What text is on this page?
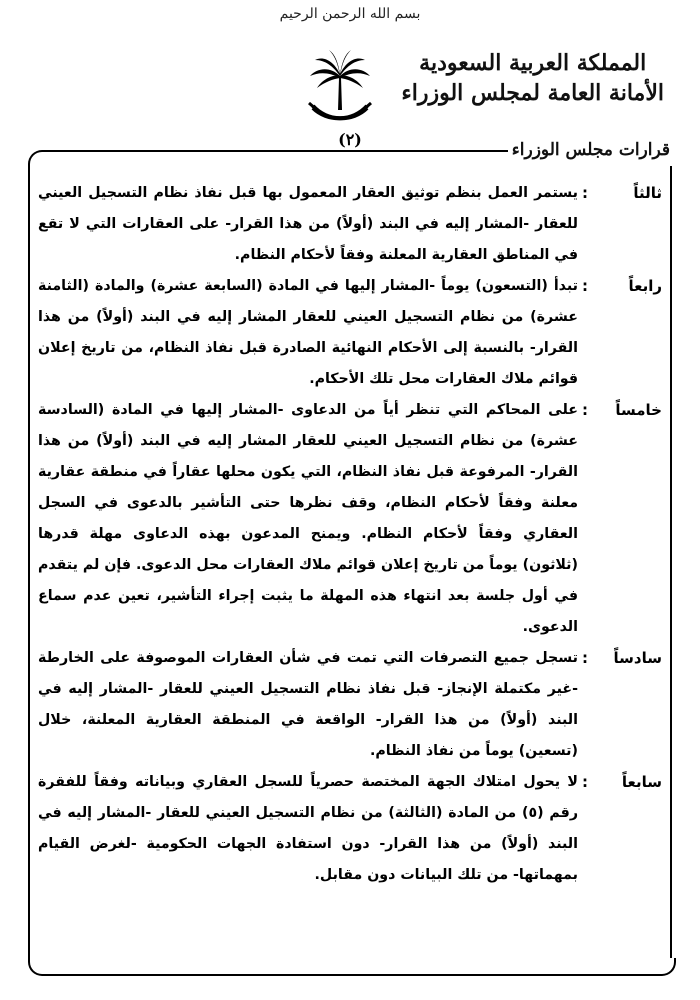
بسم الله الرحمن الرحيم
المملكة العربية السعودية
الأمانة العامة لمجلس الوزراء
(٢)
قرارات مجلس الوزراء
ثالثاً
:
يستمر العمل بنظم توثيق العقار المعمول بها قبل نفاذ نظام التسجيل العيني للعقار -المشار إليه في البند (أولاً) من هذا القرار- على العقارات التي لا تقع في المناطق العقارية المعلنة وفقاً لأحكام النظام.
رابعاً
:
تبدأ (التسعون) يوماً -المشار إليها في المادة (السابعة عشرة) والمادة (الثامنة عشرة) من نظام التسجيل العيني للعقار المشار إليه في البند (أولاً) من هذا القرار- بالنسبة إلى الأحكام النهائية الصادرة قبل نفاذ النظام، من تاريخ إعلان قوائم ملاك العقارات محل تلك الأحكام.
خامساً
:
على المحاكم التي تنظر أياً من الدعاوى -المشار إليها في المادة (السادسة عشرة) من نظام التسجيل العيني للعقار المشار إليه في البند (أولاً) من هذا القرار- المرفوعة قبل نفاذ النظام، التي يكون محلها عقاراً في منطقة عقارية معلنة وفقاً لأحكام النظام، وقف نظرها حتى التأشير بالدعوى في السجل العقاري وفقاً لأحكام النظام. ويمنح المدعون بهذه الدعاوى مهلة قدرها (ثلاثون) يوماً من تاريخ إعلان قوائم ملاك العقارات محل الدعوى. فإن لم يتقدم في أول جلسة بعد انتهاء هذه المهلة ما يثبت إجراء التأشير، تعين عدم سماع الدعوى.
سادساً
:
تسجل جميع التصرفات التي تمت في شأن العقارات الموصوفة على الخارطة -غير مكتملة الإنجاز- قبل نفاذ نظام التسجيل العيني للعقار -المشار إليه في البند (أولاً) من هذا القرار- الواقعة في المنطقة العقارية المعلنة، خلال (تسعين) يوماً من نفاذ النظام.
سابعاً
:
لا يحول امتلاك الجهة المختصة حصرياً للسجل العقاري وبياناته وفقاً للفقرة رقم (٥) من المادة (الثالثة) من نظام التسجيل العيني للعقار -المشار إليه في البند (أولاً) من هذا القرار- دون استفادة الجهات الحكومية -لغرض القيام بمهماتها- من تلك البيانات دون مقابل.
